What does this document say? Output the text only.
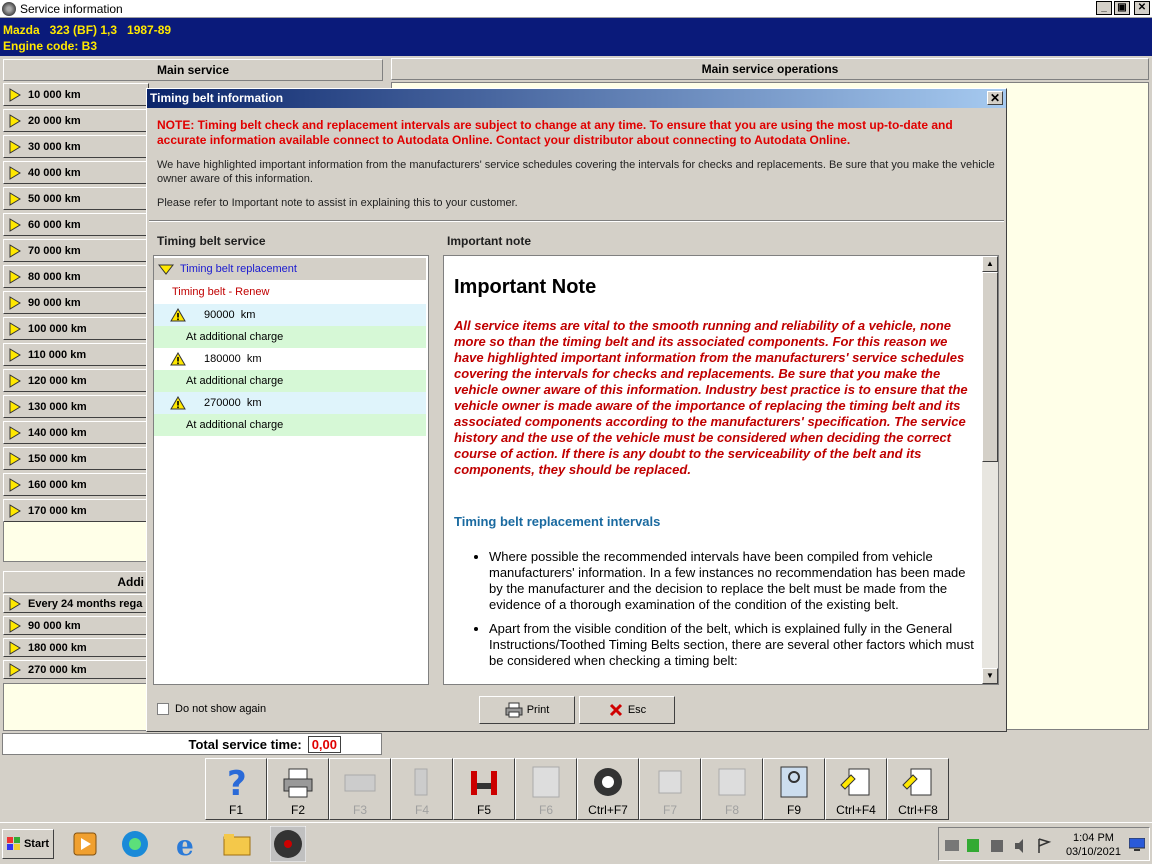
Service information	_	▣	✕
Mazda   323 (BF) 1,3   1987-89
Engine code: B3
Main service	Main service operations
10 000 km
20 000 km
30 000 km
40 000 km
50 000 km
60 000 km
70 000 km
80 000 km
90 000 km
100 000 km
110 000 km
120 000 km
130 000 km
140 000 km
150 000 km
160 000 km
170 000 km
Addi
Every 24 months rega
90 000 km
180 000 km
270 000 km
Timing belt information	✕
NOTE: Timing belt check and replacement intervals are subject to change at any time. To ensure that you are using the most up-to-date and accurate information available connect to Autodata Online. Contact your distributor about connecting to Autodata Online.
We have highlighted important information from the manufacturers' service schedules covering the intervals for checks and replacements. Be sure that you make the vehicle owner aware of this information.
Please refer to Important note to assist in explaining this to your customer.
Timing belt service	Important note
Timing belt replacement
Timing belt - Renew
90000  km
At additional charge
180000  km
At additional charge
270000  km
At additional charge
Important Note
All service items are vital to the smooth running and reliability of a vehicle, none more so than the timing belt and its associated components. For this reason we have highlighted important information from the manufacturers' service schedules covering the intervals for checks and replacements. Be sure that you make the vehicle owner aware of this information. Industry best practice is to ensure that the vehicle owner is made aware of the importance of replacing the timing belt and its associated components according to the manufacturers' specification. The service history and the use of the vehicle must be considered when deciding the correct course of action. If there is any doubt to the serviceability of the belt and its components, they should be replaced.
Timing belt replacement intervals
• Where possible the recommended intervals have been compiled from vehicle manufacturers' information. In a few instances no recommendation has been made by the manufacturer and the decision to replace the belt must be made from the evidence of a thorough examination of the condition of the existing belt.
• Apart from the visible condition of the belt, which is explained fully in the General Instructions/Toothed Timing Belts section, there are several other factors which must be considered when checking a timing belt:
▲
▼
Do not show again	Print	Esc
Total service time: 0,00
?
F1	F2	F3	F4	F5	F6	Ctrl+F7	F7	F8	F9	Ctrl+F4 Ctrl+F8
Start	e	1:04 PM
03/10/2021
